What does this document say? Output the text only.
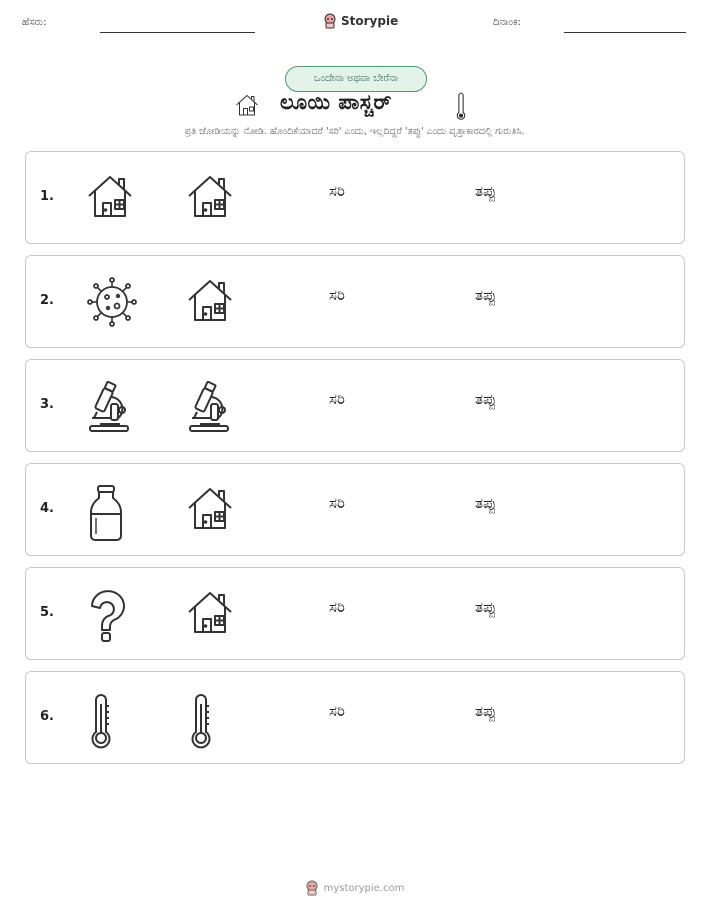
ಹೆಸರು:	Storypie	ದಿನಾಂಕ:
ಒಂದೇನಾ ಅಥವಾ ಬೇರೆನಾ
ಲೂಯಿ ಪಾಸ್ಚರ್
ಪ್ರತಿ ಜೋಡಿಯನ್ನು ನೋಡಿ. ಹೊಂದಿಕೆಯಾದರೆ 'ಸರಿ' ಎಂದು, ಇಲ್ಲದಿದ್ದರೆ 'ತಪ್ಪು' ಎಂದು ವೃತ್ತಾಕಾರದಲ್ಲಿ ಗುರುತಿಸಿ.
1.	ಸರಿ	ತಪ್ಪು
2.	ಸರಿ	ತಪ್ಪು
3.	ಸರಿ	ತಪ್ಪು
4.	ಸರಿ	ತಪ್ಪು
5.	ಸರಿ	ತಪ್ಪು
6.	ಸರಿ	ತಪ್ಪು
mystorypie.com
